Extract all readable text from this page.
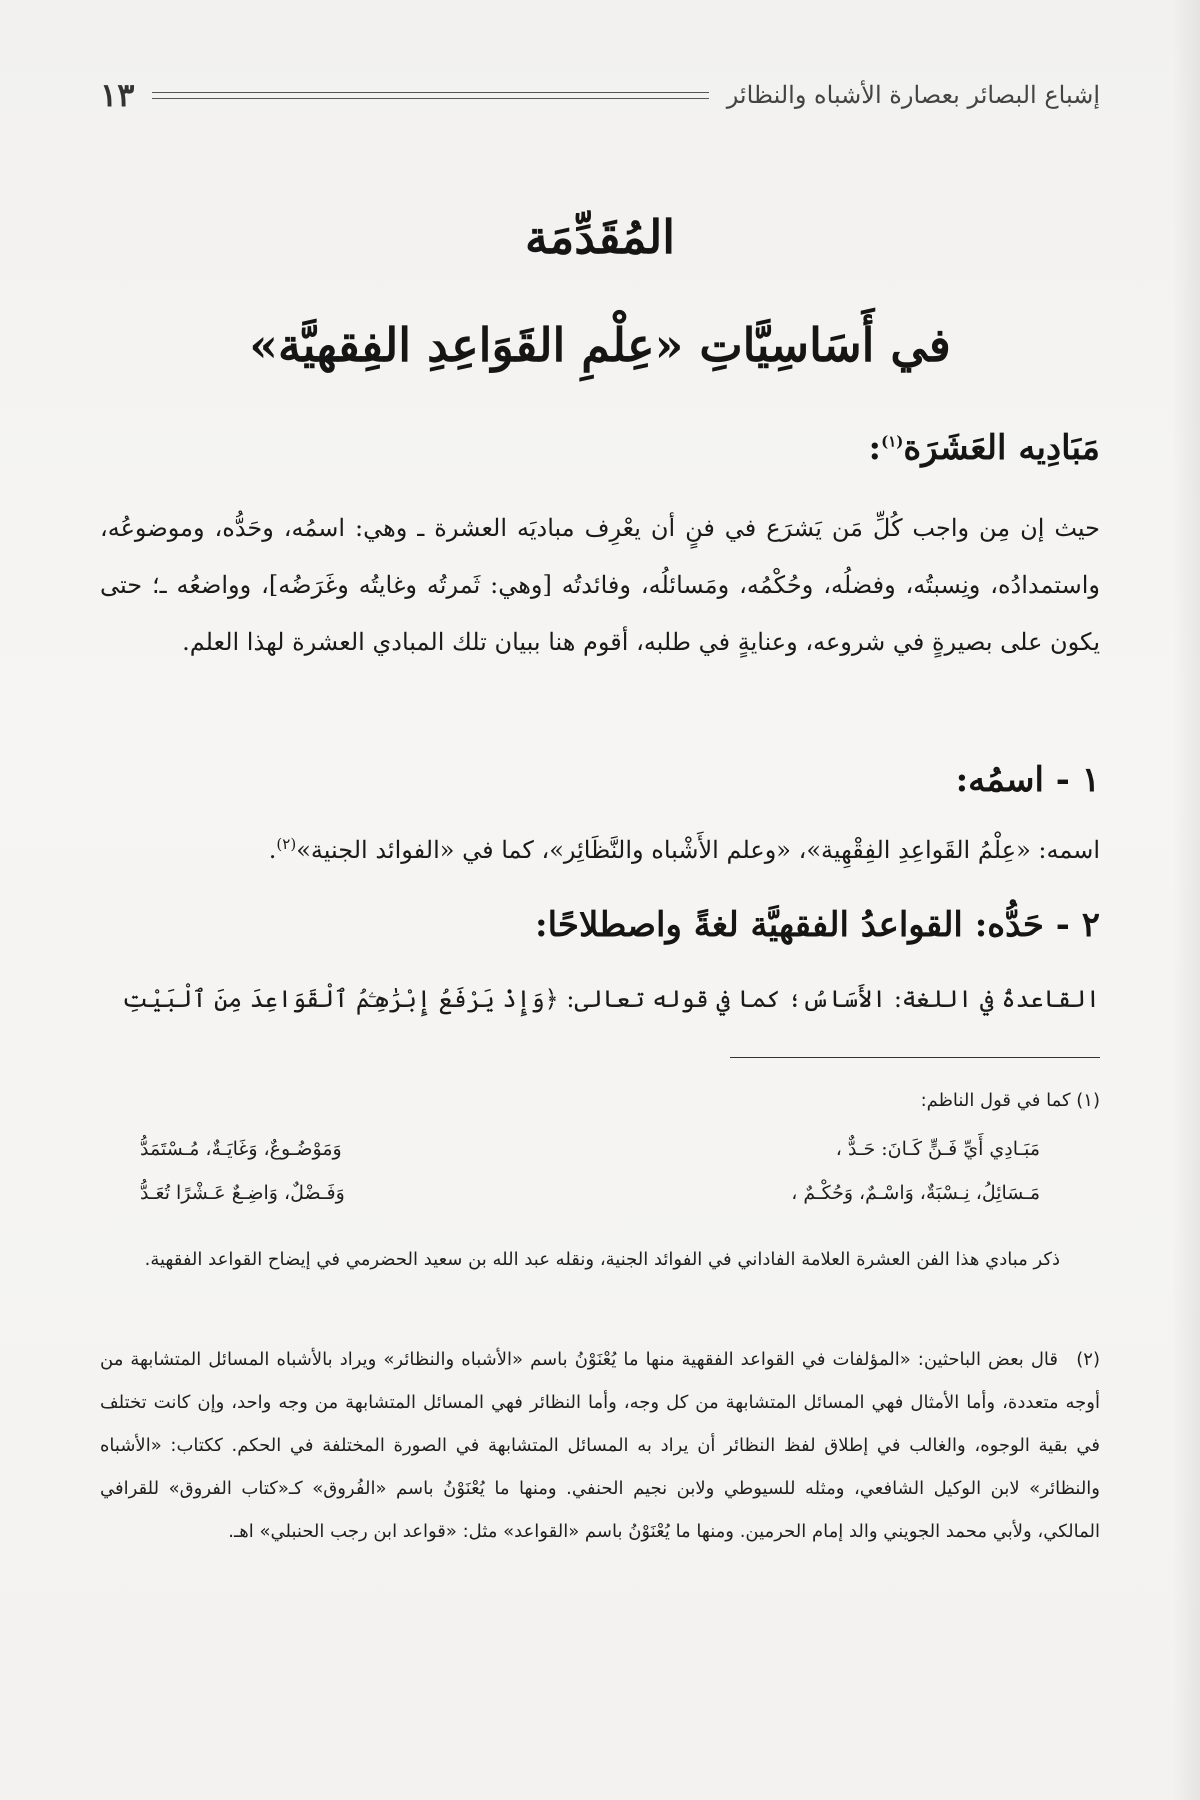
إشباع البصائر بعصارة الأشباه والنظائر
١٣
المُقَدِّمَة
في أَسَاسِيَّاتِ «عِلْمِ القَوَاعِدِ الفِقهيَّة»
مَبَادِيه العَشَرَة$^{(١)}$:
حيث إن مِن واجب كُلِّ مَن يَشرَع في فنٍ أن يعْرِف مباديَه العشرة ـ وهي: اسمُه، وحَدُّه، وموضوعُه، واستمدادُه، ونِسبتُه، وفضلُه، وحُكْمُه، ومَسائلُه، وفائدتُه [وهي: ثَمرتُه وغايتُه وغَرَضُه]، وواضعُه ـ؛ حتى يكون على بصيرةٍ في شروعه، وعنايةٍ في طلبه، أقوم هنا ببيان تلك المبادي العشرة لهذا العلم.
١ - اسمُه:
اسمه: «عِلْمُ القَواعِدِ الفِقْهِية»، «وعلم الأَشْباه والنَّظَائِر»، كما في «الفوائد الجنية»$^{(٢)}$.
٢ - حَدُّه: القواعدُ الفقهيَّة لغةً واصطلاحًا:
القاعدةُ في اللغة: الأَسَاسُ؛ كما في قوله تعالى: ﴿وَإِذْ يَرْفَعُ إِبْرَٰهِـۧمُ ٱلْقَوَاعِدَ مِنَ ٱلْبَيْتِ
(١) كما في قول الناظم:
مَبَـادِي أَيِّ فَـنٍّ كَـانَ: حَـدٌّ ،
وَمَوْضُـوعٌ، وَغَايَـةٌ، مُـسْتَمَدُّ
مَـسَائِلُ، نِـسْبَةٌ، وَاسْـمٌ، وَحُكْـمٌ ،
وَفَـضْلٌ، وَاضِـعٌ عَـشْرًا تُعَـدُّ
ذكر مبادي هذا الفن العشرة العلامة الفاداني في الفوائد الجنية، ونقله عبد الله بن سعيد الحضرمي في إيضاح القواعد الفقهية.
(٢)قال بعض الباحثين: «المؤلفات في القواعد الفقهية منها ما يُعْنَوْنُ باسم «الأشباه والنظائر» ويراد بالأشباه المسائل المتشابهة من أوجه متعددة، وأما الأمثال فهي المسائل المتشابهة من كل وجه، وأما النظائر فهي المسائل المتشابهة من وجه واحد، وإن كانت تختلف في بقية الوجوه، والغالب في إطلاق لفظ النظائر أن يراد به المسائل المتشابهة في الصورة المختلفة في الحكم. ككتاب: «الأشباه والنظائر» لابن الوكيل الشافعي، ومثله للسيوطي ولابن نجيم الحنفي. ومنها ما يُعْنَوْنُ باسم «الفُروق» كـ«كتاب الفروق» للقرافي المالكي، ولأبي محمد الجويني والد إمام الحرمين. ومنها ما يُعْنَوْنُ باسم «القواعد» مثل: «قواعد ابن رجب الحنبلي» اهـ.
